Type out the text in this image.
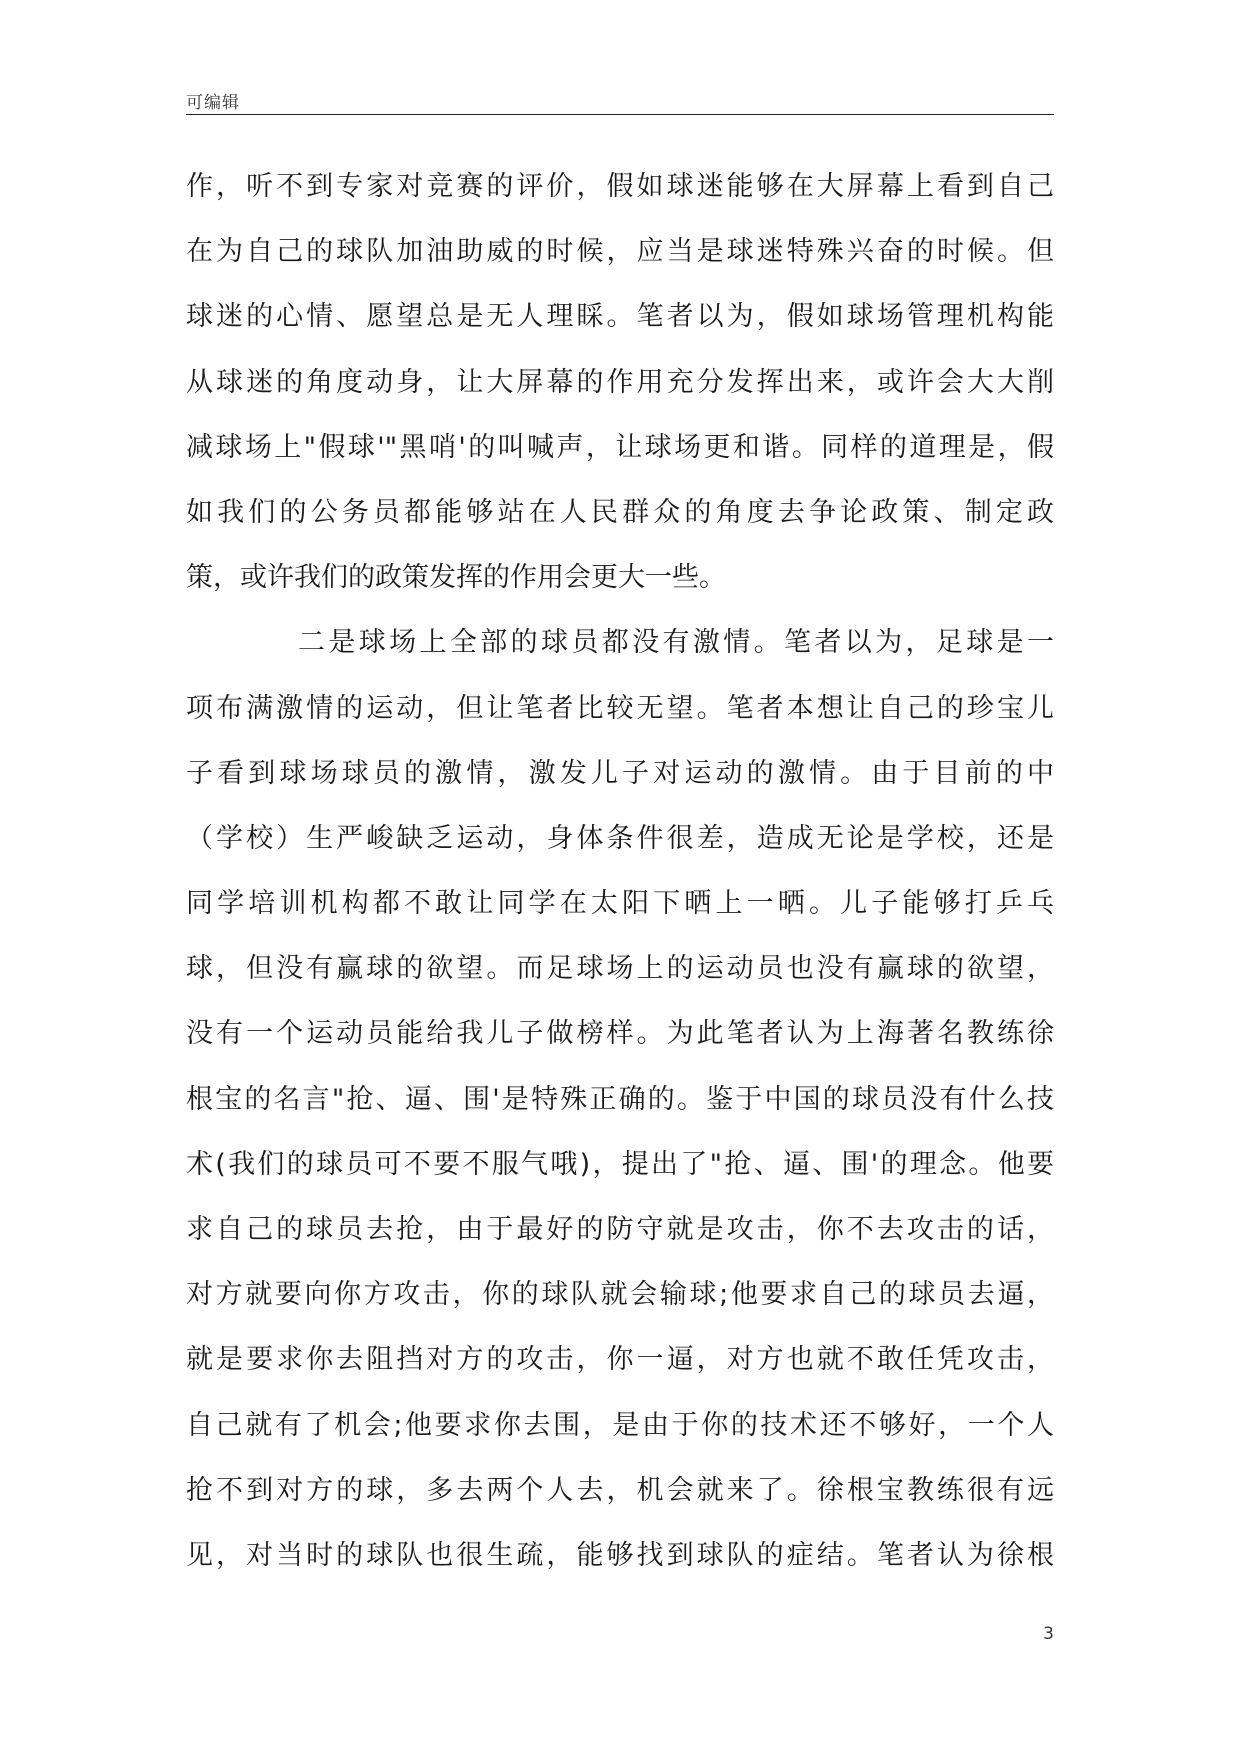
可编辑
作，听不到专家对竞赛的评价，假如球迷能够在大屏幕上看到自己
在为自己的球队加油助威的时候，应当是球迷特殊兴奋的时候。但
球迷的心情、愿望总是无人理睬。笔者以为，假如球场管理机构能
从球迷的角度动身，让大屏幕的作用充分发挥出来，或许会大大削
减球场上"假球'"黑哨'的叫喊声，让球场更和谐。同样的道理是，假
如我们的公务员都能够站在人民群众的角度去争论政策、制定政
策，或许我们的政策发挥的作用会更大一些。
二是球场上全部的球员都没有激情。笔者以为，足球是一
项布满激情的运动，但让笔者比较无望。笔者本想让自己的珍宝儿
子看到球场球员的激情，激发儿子对运动的激情。由于目前的中
（学校）生严峻缺乏运动，身体条件很差，造成无论是学校，还是
同学培训机构都不敢让同学在太阳下晒上一晒。儿子能够打乒乓
球，但没有赢球的欲望。而足球场上的运动员也没有赢球的欲望，
没有一个运动员能给我儿子做榜样。为此笔者认为上海著名教练徐
根宝的名言"抢、逼、围'是特殊正确的。鉴于中国的球员没有什么技
术(我们的球员可不要不服气哦)，提出了"抢、逼、围'的理念。他要
求自己的球员去抢，由于最好的防守就是攻击，你不去攻击的话，
对方就要向你方攻击，你的球队就会输球;他要求自己的球员去逼，
就是要求你去阻挡对方的攻击，你一逼，对方也就不敢任凭攻击，
自己就有了机会;他要求你去围，是由于你的技术还不够好，一个人
抢不到对方的球，多去两个人去，机会就来了。徐根宝教练很有远
见，对当时的球队也很生疏，能够找到球队的症结。笔者认为徐根
3
